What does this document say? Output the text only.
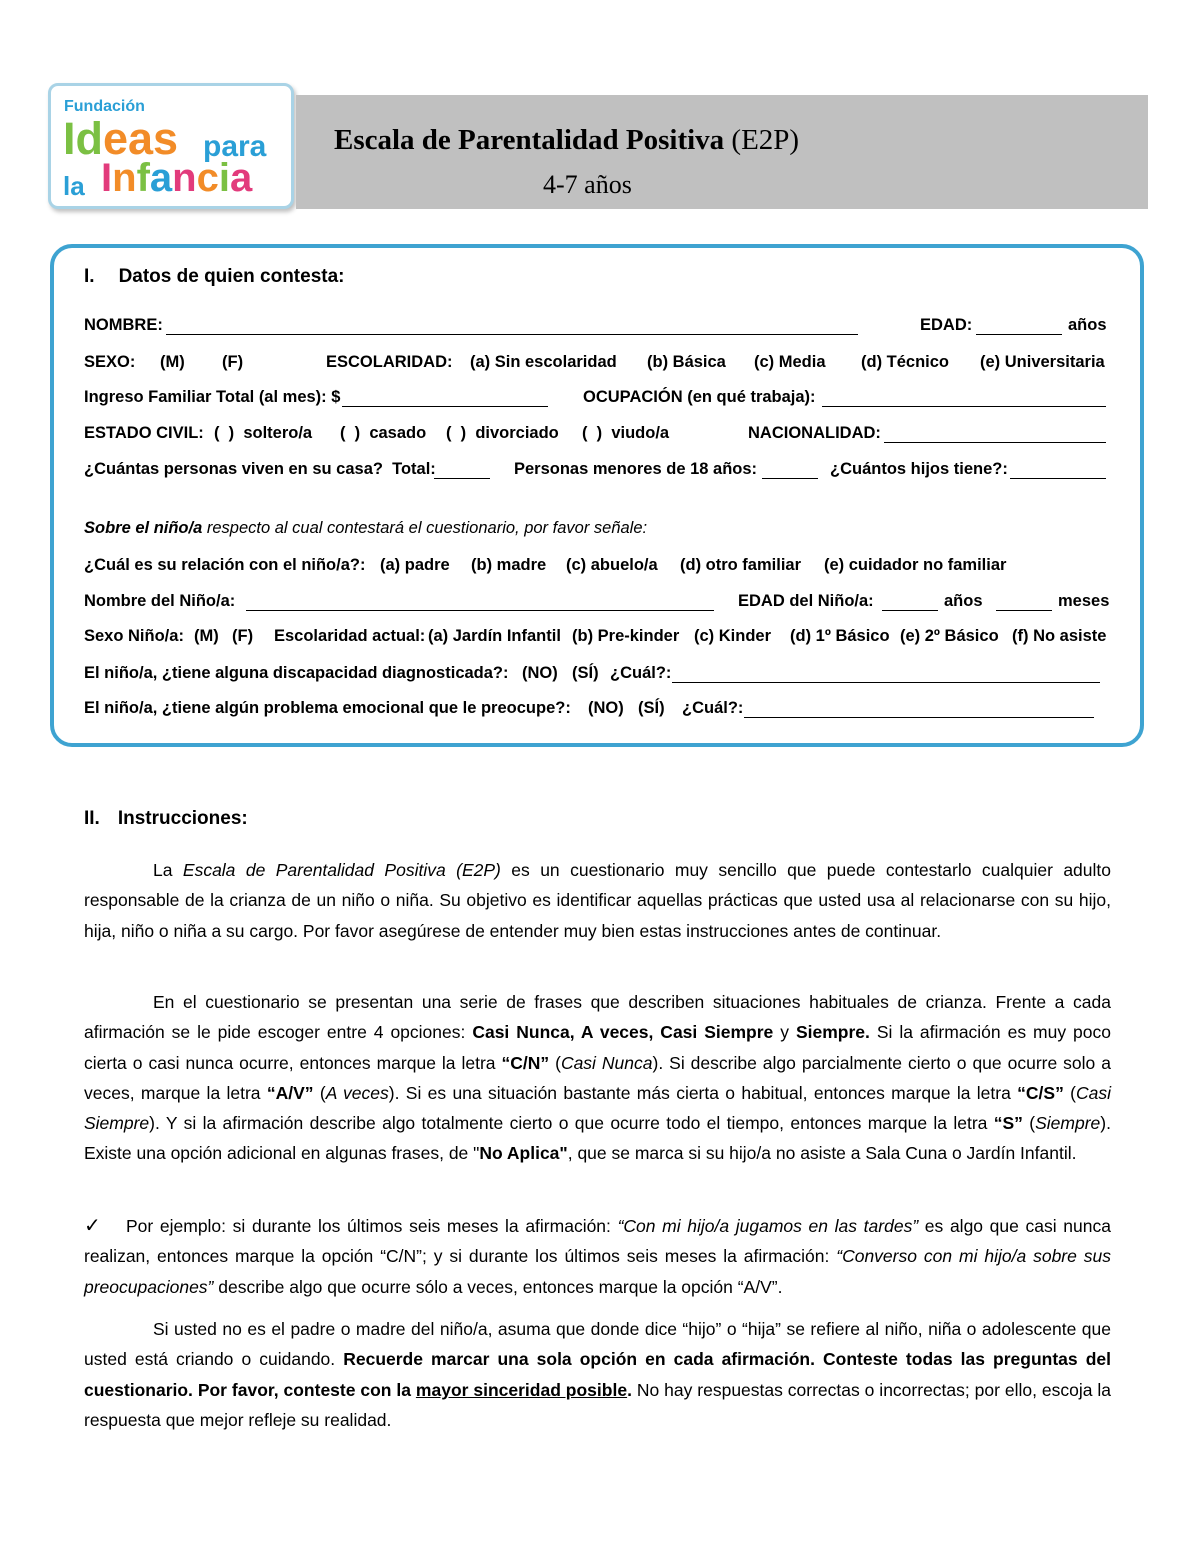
Fundación
Ideas para
la Infancia
Escala de Parentalidad Positiva (E2P)
4-7 años
I. Datos de quien contesta:
NOMBRE:	EDAD:	años
SEXO: (M) (F)	ESCOLARIDAD: (a) Sin escolaridad (b) Básica (c) Media (d) Técnico (e) Universitaria
Ingreso Familiar Total (al mes): $	OCUPACIÓN (en qué trabaja):
ESTADO CIVIL: (  )  soltero/a (  )  casado (  )  divorciado (  )  viudo/a	NACIONALIDAD:
¿Cuántas personas viven en su casa?  Total:	Personas menores de 18 años:	¿Cuántos hijos tiene?:
Sobre el niño/a respecto al cual contestará el cuestionario, por favor señale:
¿Cuál es su relación con el niño/a?: (a) padre (b) madre (c) abuelo/a (d) otro familiar (e) cuidador no familiar
Nombre del Niño/a:	EDAD del Niño/a:	años	meses
Sexo Niño/a: (M) (F) Escolaridad actual: (a) Jardín Infantil (b) Pre-kinder (c) Kinder (d) 1º Básico (e) 2º Básico (f) No asiste
El niño/a, ¿tiene alguna discapacidad diagnosticada?: (NO) (SÍ) ¿Cuál?:
El niño/a, ¿tiene algún problema emocional que le preocupe?: (NO) (SÍ) ¿Cuál?:
II. Instrucciones:
La Escala de Parentalidad Positiva (E2P) es un cuestionario muy sencillo que puede contestarlo cualquier adulto responsable de la crianza de un niño o niña. Su objetivo es identificar aquellas prácticas que usted usa al relacionarse con su hijo, hija, niño o niña a su cargo. Por favor asegúrese de entender muy bien estas instrucciones antes de continuar.
En el cuestionario se presentan una serie de frases que describen situaciones habituales de crianza. Frente a cada afirmación se le pide escoger entre 4 opciones: Casi Nunca, A veces, Casi Siempre y Siempre. Si la afirmación es muy poco cierta o casi nunca ocurre, entonces marque la letra “C/N” (Casi Nunca). Si describe algo parcialmente cierto o que ocurre solo a veces, marque la letra “A/V” (A veces). Si es una situación bastante más cierta o habitual, entonces marque la letra “C/S” (Casi Siempre). Y si la afirmación describe algo totalmente cierto o que ocurre todo el tiempo, entonces marque la letra “S” (Siempre). Existe una opción adicional en algunas frases, de "No Aplica", que se marca si su hijo/a no asiste a Sala Cuna o Jardín Infantil.
✓	Por ejemplo: si durante los últimos seis meses la afirmación: “Con mi hijo/a jugamos en las tardes” es algo que casi nunca realizan, entonces marque la opción “C/N”; y si durante los últimos seis meses la afirmación: “Converso con mi hijo/a sobre sus preocupaciones” describe algo que ocurre sólo a veces, entonces marque la opción “A/V”.
Si usted no es el padre o madre del niño/a, asuma que donde dice “hijo” o “hija” se refiere al niño, niña o adolescente que usted está criando o cuidando. Recuerde marcar una sola opción en cada afirmación. Conteste todas las preguntas del cuestionario. Por favor, conteste con la mayor sinceridad posible. No hay respuestas correctas o incorrectas; por ello, escoja la respuesta que mejor refleje su realidad.
